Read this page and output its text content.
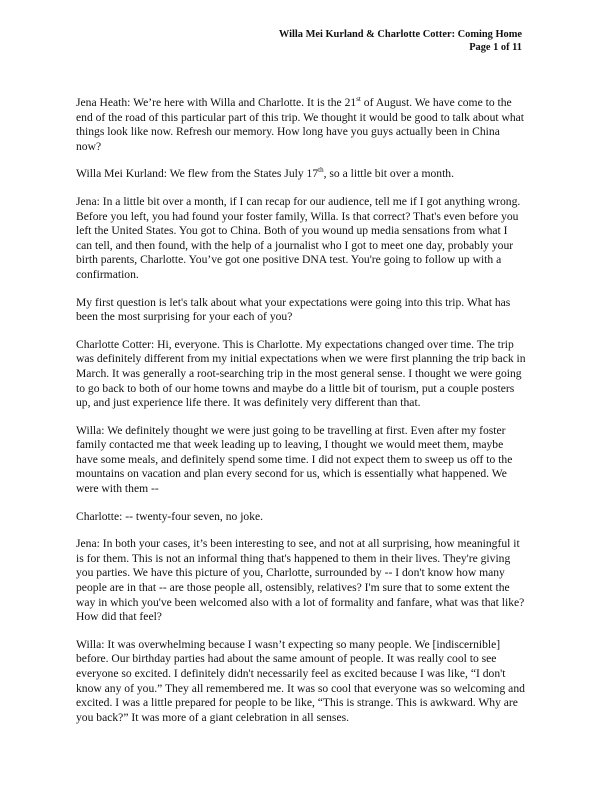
Willa Mei Kurland & Charlotte Cotter: Coming Home
Page 1 of 11

Jena Heath: We’re here with Willa and Charlotte. It is the 21st of August. We have come to the end of the road of this particular part of this trip. We thought it would be good to talk about what things look like now. Refresh our memory. How long have you guys actually been in China now?

Willa Mei Kurland: We flew from the States July 17th, so a little bit over a month.

Jena: In a little bit over a month, if I can recap for our audience, tell me if I got anything wrong. Before you left, you had found your foster family, Willa. Is that correct? That's even before you left the United States. You got to China. Both of you wound up media sensations from what I can tell, and then found, with the help of a journalist who I got to meet one day, probably your birth parents, Charlotte. You’ve got one positive DNA test. You're going to follow up with a confirmation.

My first question is let's talk about what your expectations were going into this trip. What has been the most surprising for your each of you?

Charlotte Cotter: Hi, everyone. This is Charlotte. My expectations changed over time. The trip was definitely different from my initial expectations when we were first planning the trip back in March. It was generally a root-searching trip in the most general sense. I thought we were going to go back to both of our home towns and maybe do a little bit of tourism, put a couple posters up, and just experience life there. It was definitely very different than that.

Willa: We definitely thought we were just going to be travelling at first. Even after my foster family contacted me that week leading up to leaving, I thought we would meet them, maybe have some meals, and definitely spend some time. I did not expect them to sweep us off to the mountains on vacation and plan every second for us, which is essentially what happened. We were with them --

Charlotte: -- twenty-four seven, no joke.

Jena: In both your cases, it’s been interesting to see, and not at all surprising, how meaningful it is for them. This is not an informal thing that's happened to them in their lives. They're giving you parties. We have this picture of you, Charlotte, surrounded by -- I don't know how many people are in that -- are those people all, ostensibly, relatives? I'm sure that to some extent the way in which you've been welcomed also with a lot of formality and fanfare, what was that like? How did that feel?

Willa: It was overwhelming because I wasn’t expecting so many people. We [indiscernible] before. Our birthday parties had about the same amount of people. It was really cool to see everyone so excited. I definitely didn't necessarily feel as excited because I was like, “I don't know any of you.” They all remembered me. It was so cool that everyone was so welcoming and excited. I was a little prepared for people to be like, “This is strange. This is awkward. Why are you back?” It was more of a giant celebration in all senses.
